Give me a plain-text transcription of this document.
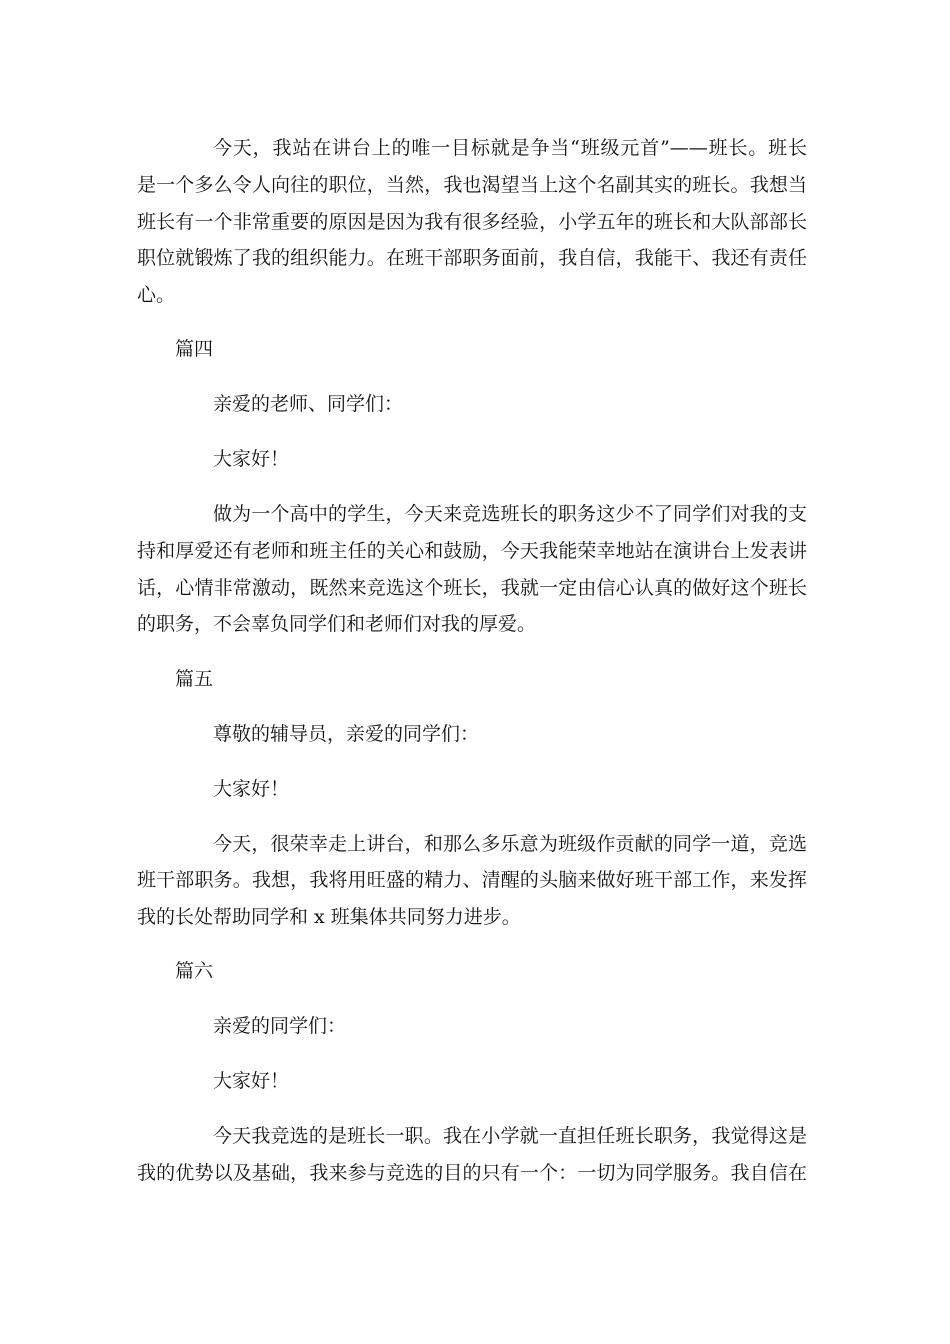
今天，我站在讲台上的唯一目标就是争当“班级元首”——班长。班长
是一个多么令人向往的职位，当然，我也渴望当上这个名副其实的班长。我想当
班长有一个非常重要的原因是因为我有很多经验，小学五年的班长和大队部部长
职位就锻炼了我的组织能力。在班干部职务面前，我自信，我能干、我还有责任
心。
篇四
亲爱的老师、同学们：
大家好！
做为一个高中的学生，今天来竞选班长的职务这少不了同学们对我的支
持和厚爱还有老师和班主任的关心和鼓励，今天我能荣幸地站在演讲台上发表讲
话，心情非常激动，既然来竞选这个班长，我就一定由信心认真的做好这个班长
的职务，不会辜负同学们和老师们对我的厚爱。
篇五
尊敬的辅导员，亲爱的同学们：
大家好！
今天，很荣幸走上讲台，和那么多乐意为班级作贡献的同学一道，竞选
班干部职务。我想，我将用旺盛的精力、清醒的头脑来做好班干部工作，来发挥
我的长处帮助同学和 x 班集体共同努力进步。
篇六
亲爱的同学们：
大家好！
今天我竞选的是班长一职。我在小学就一直担任班长职务，我觉得这是
我的优势以及基础，我来参与竞选的目的只有一个：一切为同学服务。我自信在
